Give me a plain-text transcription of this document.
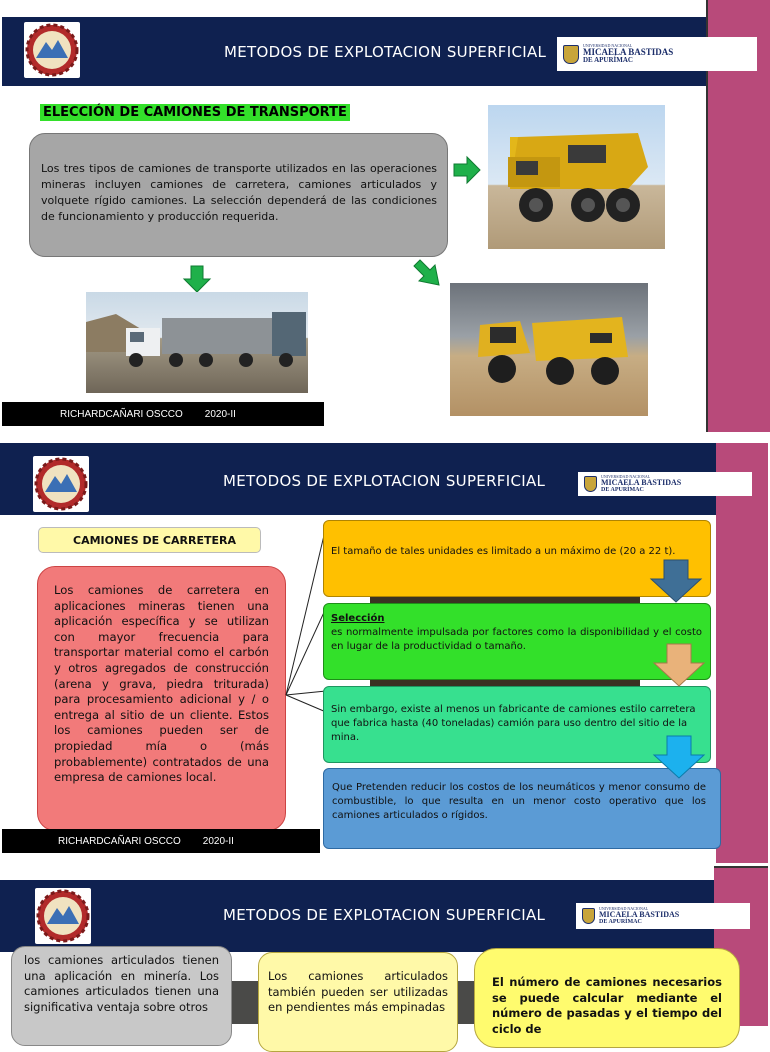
METODOS DE EXPLOTACION SUPERFICIAL	UNIVERSIDAD NACIONAL
MICAELA BASTIDAS
DE APURÍMAC
ELECCIÓN DE CAMIONES DE TRANSPORTE
Los tres tipos de camiones de transporte utilizados en las operaciones mineras incluyen camiones de carretera, camiones articulados y volquete rígido camiones. La selección dependerá de las condiciones de funcionamiento y producción requerida.
RICHARDCAÑARI OSCCO 2020-II
METODOS DE EXPLOTACION SUPERFICIAL	UNIVERSIDAD NACIONAL
MICAELA BASTIDAS
DE APURÍMAC
CAMIONES DE CARRETERA
Los camiones de carretera en aplicaciones mineras tienen una aplicación específica y se utilizan con mayor frecuencia para transportar material como el carbón y otros agregados de construcción (arena y grava, piedra triturada) para procesamiento adicional y / o entrega al sitio de un cliente. Estos los camiones pueden ser de propiedad mía o (más probablemente) contratados de una empresa de camiones local.
El tamaño de tales unidades es limitado a un máximo de (20 a 22 t).
Selección
es normalmente impulsada por factores como la disponibilidad y el costo en lugar de la productividad o tamaño.
Sin embargo, existe al menos un fabricante de camiones estilo carretera que fabrica hasta (40 toneladas) camión para uso dentro del sitio de la mina.
Que Pretenden reducir los costos de los neumáticos y menor consumo de combustible, lo que resulta en un menor costo operativo que los camiones articulados o rígidos.
RICHARDCAÑARI OSCCO 2020-II
METODOS DE EXPLOTACION SUPERFICIAL	UNIVERSIDAD NACIONAL
MICAELA BASTIDAS
DE APURÍMAC
los camiones articulados tienen una aplicación en minería. Los camiones articulados tienen una significativa ventaja sobre otros
Los camiones articulados también pueden ser utilizadas en pendientes más empinadas
El número de camiones necesarios se puede calcular mediante el número de pasadas y el tiempo del ciclo de
